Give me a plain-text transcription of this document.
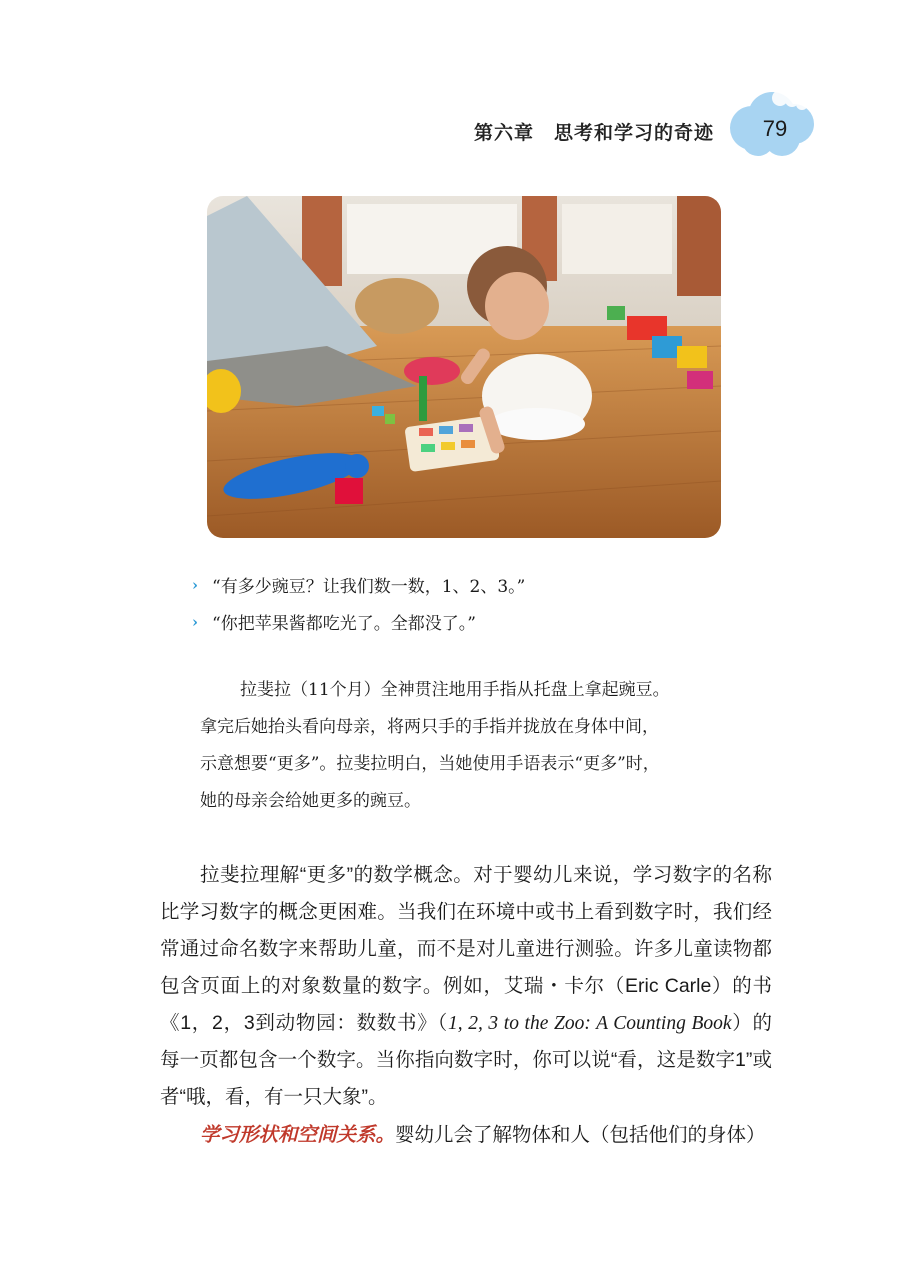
第六章　思考和学习的奇迹	79
› “有多少豌豆？让我们数一数，1、2、3。”
› “你把苹果酱都吃光了。全都没了。”
拉斐拉（11个月）全神贯注地用手指从托盘上拿起豌豆。
拿完后她抬头看向母亲，将两只手的手指并拢放在身体中间，
示意想要“更多”。拉斐拉明白，当她使用手语表示“更多”时，
她的母亲会给她更多的豌豆。

拉斐拉理解“更多”的数学概念。对于婴幼儿来说，学习数字的名称比学习数字的概念更困难。当我们在环境中或书上看到数字时，我们经常通过命名数字来帮助儿童，而不是对儿童进行测验。许多儿童读物都包含页面上的对象数量的数字。例如，艾瑞・卡尔（Eric Carle）的书《1，2，3到动物园：数数书》（1, 2, 3 to the Zoo: A Counting Book）的每一页都包含一个数字。当你指向数字时，你可以说“看，这是数字1”或者“哦，看，有一只大象”。

学习形状和空间关系。婴幼儿会了解物体和人（包括他们的身体）
